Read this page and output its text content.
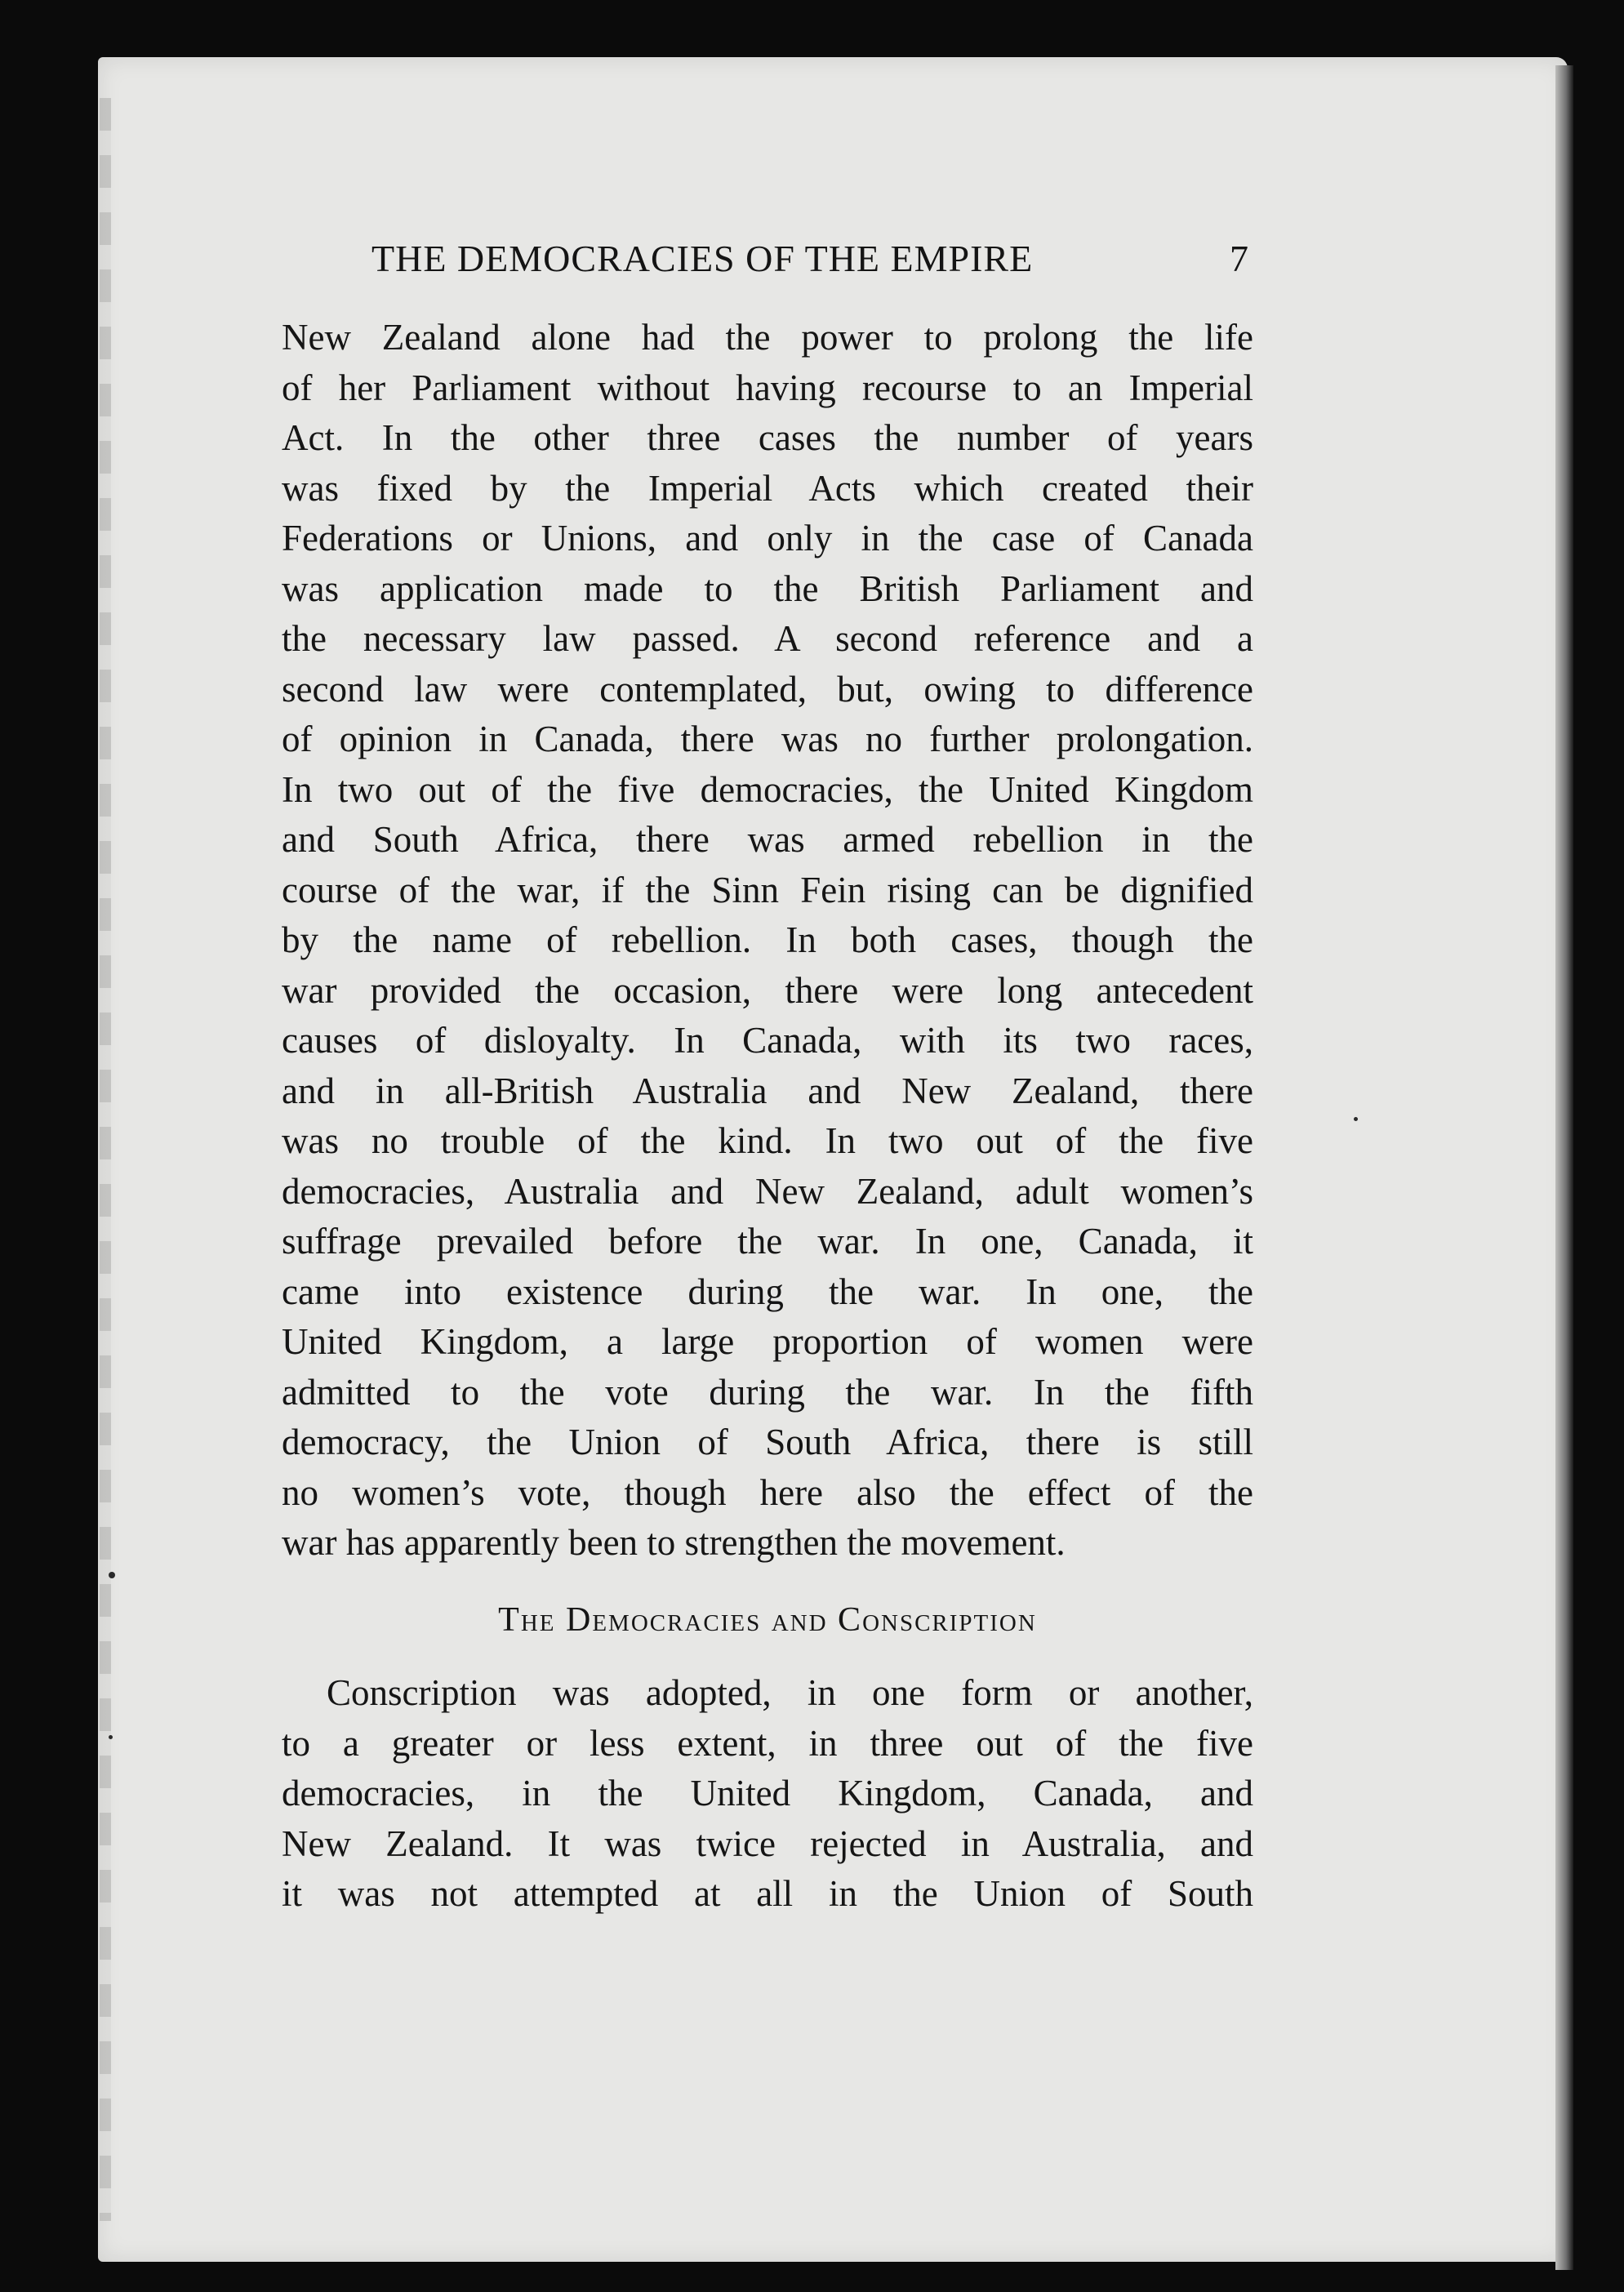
THE DEMOCRACIES OF THE EMPIRE	7
New Zealand alone had the power to prolong the life
of her Parliament without having recourse to an Imperial
Act. In the other three cases the number of years
was fixed by the Imperial Acts which created their
Federations or Unions, and only in the case of Canada
was application made to the British Parliament and
the necessary law passed. A second reference and a
second law were contemplated, but, owing to difference
of opinion in Canada, there was no further prolongation.
In two out of the five democracies, the United Kingdom
and South Africa, there was armed rebellion in the
course of the war, if the Sinn Fein rising can be dignified
by the name of rebellion. In both cases, though the
war provided the occasion, there were long antecedent
causes of disloyalty. In Canada, with its two races,
and in all-British Australia and New Zealand, there
was no trouble of the kind. In two out of the five
democracies, Australia and New Zealand, adult women’s
suffrage prevailed before the war. In one, Canada, it
came into existence during the war. In one, the
United Kingdom, a large proportion of women were
admitted to the vote during the war. In the fifth
democracy, the Union of South Africa, there is still
no women’s vote, though here also the effect of the
war has apparently been to strengthen the movement.
The Democracies and Conscription
Conscription was adopted, in one form or another,
to a greater or less extent, in three out of the five
democracies, in the United Kingdom, Canada, and
New Zealand. It was twice rejected in Australia, and
it was not attempted at all in the Union of South
